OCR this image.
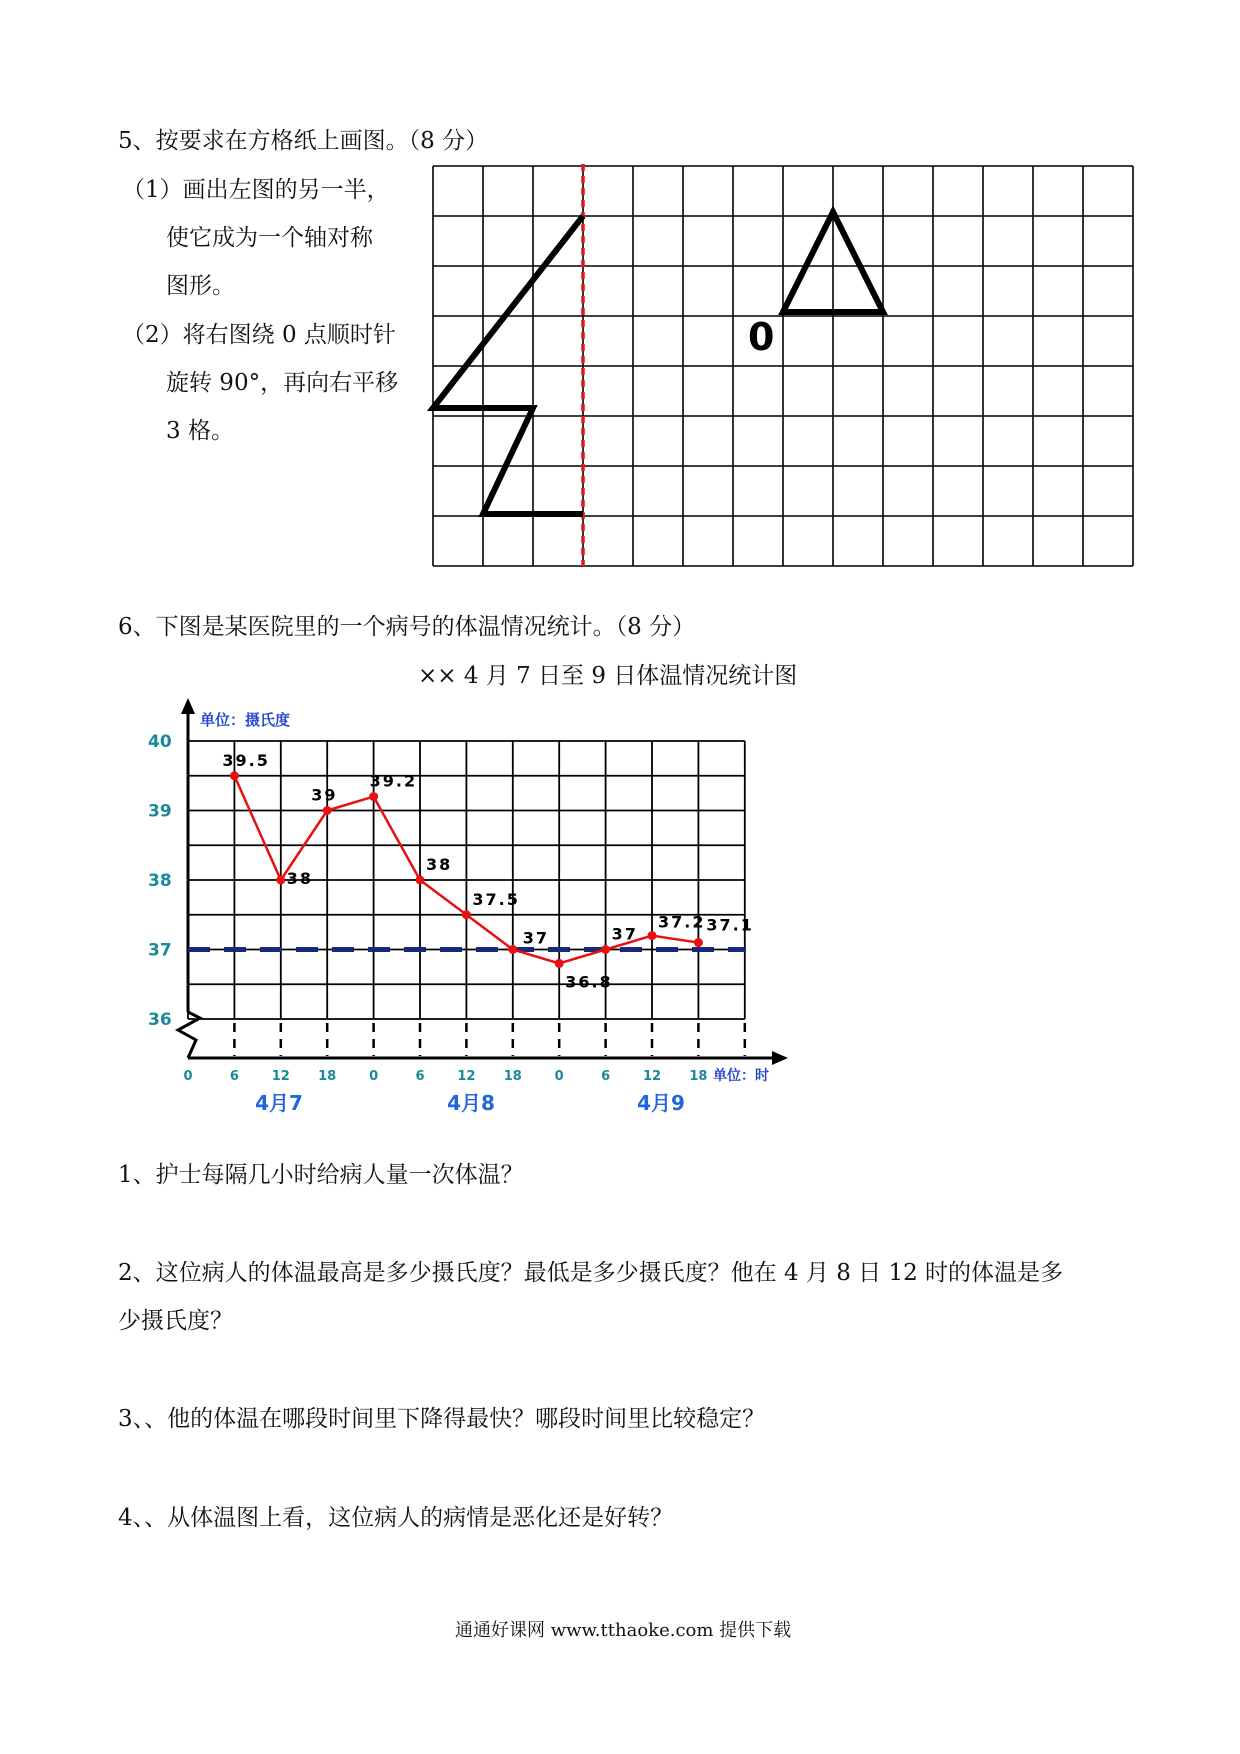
5、按要求在方格纸上画图。（8 分）
（1）画出左图的另一半，
使它成为一个轴对称
图形。
（2）将右图绕 0 点顺时针
旋转 90°，再向右平移
3 格。
0
6、下图是某医院里的一个病号的体温情况统计。（8 分）
×× 4 月 7 日至 9 日体温情况统计图
39.5
38
39
39.2
38
37.5
37
36.8
37
37.2 37.1
40
39
38
37
36
0	6	12 18	0	6	12 18	0	6	12 18
4月7	4月8	4月9
单位：摄氏度
单位：时
1、护士每隔几小时给病人量一次体温？
2、这位病人的体温最高是多少摄氏度？最低是多少摄氏度？他在 4 月 8 日 12 时的体温是多
少摄氏度？
3、、他的体温在哪段时间里下降得最快？哪段时间里比较稳定？
4、、从体温图上看，这位病人的病情是恶化还是好转？
通通好课网 www.tthaoke.com 提供下载
